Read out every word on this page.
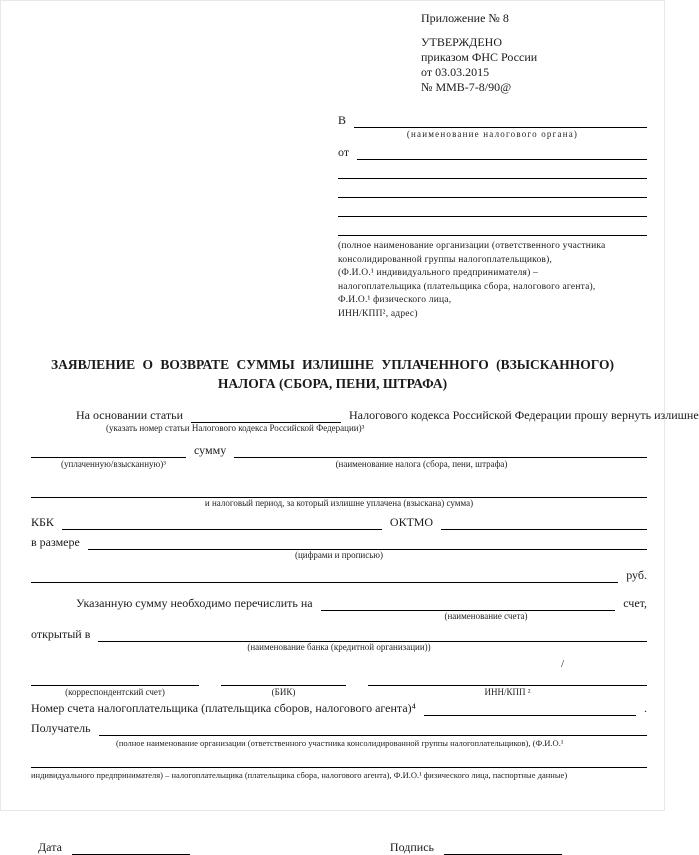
Приложение № 8
УТВЕРЖДЕНО
приказом ФНС России
от 03.03.2015
№ ММВ-7-8/90@
В
(наименование налогового органа)
от
(полное наименование организации (ответственного участника
консолидированной группы налогоплательщиков),
(Ф.И.О.¹ индивидуального предпринимателя) –
налогоплательщика (плательщика сбора, налогового агента),
Ф.И.О.¹ физического лица,
ИНН/КПП², адрес)
ЗАЯВЛЕНИЕ О ВОЗВРАТЕ СУММЫ ИЗЛИШНЕ УПЛАЧЕННОГО (ВЗЫСКАННОГО)
НАЛОГА (СБОРА, ПЕНИ, ШТРАФА)
На основании статьи	Налогового кодекса Российской Федерации прошу вернуть излишне
(указать номер статьи Налогового кодекса Российской Федерации)³
сумму
(уплаченную/взысканную)³	(наименование налога (сбора, пени, штрафа)
и налоговый период, за который излишне уплачена (взыскана) сумма)
КБК	ОКТМО
в размере
(цифрами и прописью)
руб.
Указанную сумму необходимо перечислить на	счет,
(наименование счета)
открытый в
(наименование банка (кредитной организации))
/
(корреспондентский счет)	(БИК)	ИНН/КПП ²
Номер счета налогоплательщика (плательщика сборов, налогового агента)⁴	.
Получатель
(полное наименование организации (ответственного участника консолидированной группы налогоплательщиков), (Ф.И.О.¹
индивидуального предпринимателя) – налогоплательщика (плательщика сбора, налогового агента), Ф.И.О.¹ физического лица, паспортные данные)
Дата	Подпись
